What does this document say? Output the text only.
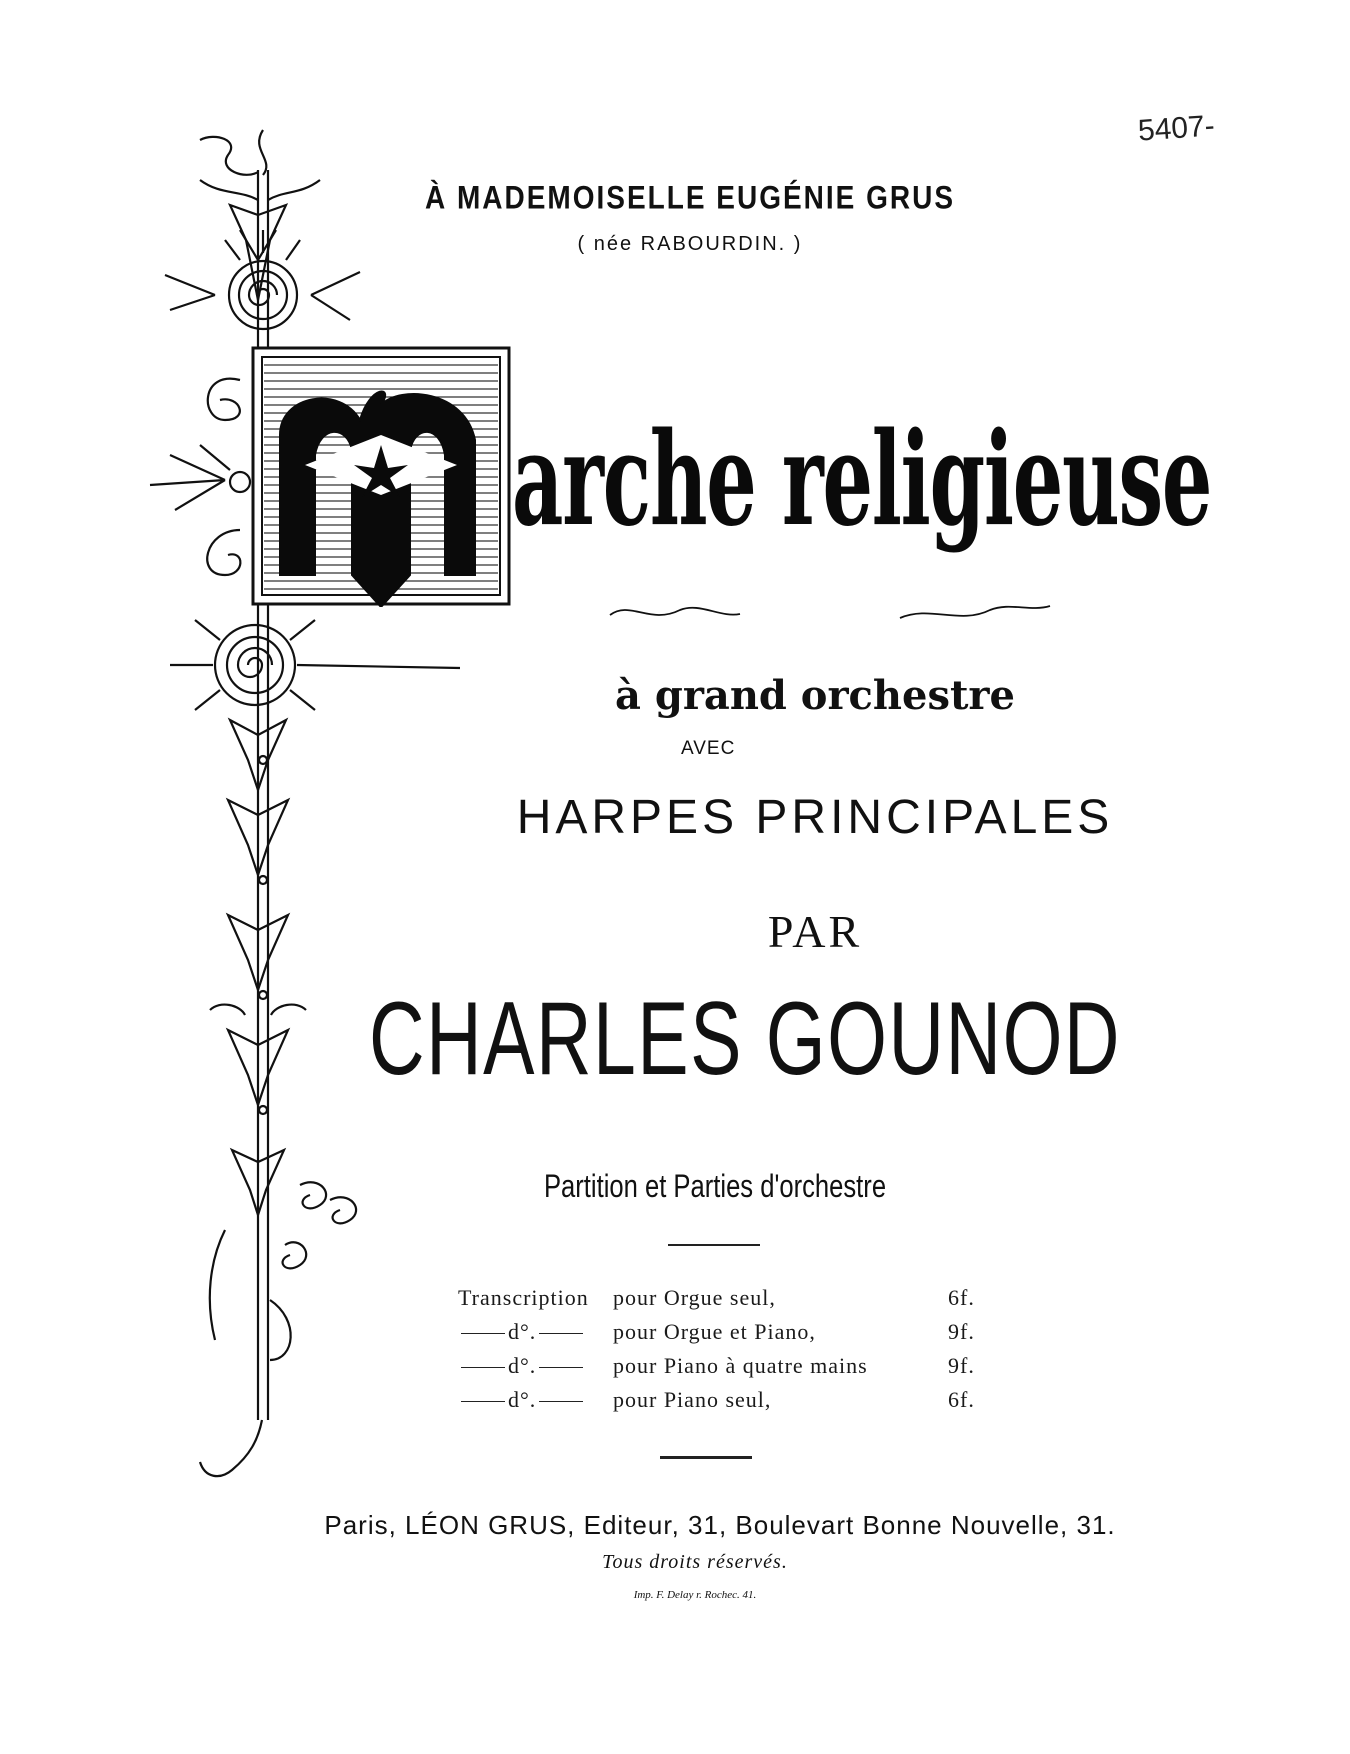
5407-
À MADEMOISELLE EUGÉNIE GRUS
( née RABOURDIN. )
arche religieuse
à grand orchestre
AVEC
HARPES PRINCIPALES
PAR
CHARLES GOUNOD
Partition et Parties d'orchestre
Transcription	pour Orgue seul,	6f.
d°.	pour Orgue et Piano,	9f.
d°.	pour Piano à quatre mains	9f.
d°.	pour Piano seul,	6f.
Paris, LÉON GRUS, Editeur, 31, Boulevart Bonne Nouvelle, 31.
Tous droits réservés.
Imp. F. Delay r. Rochec. 41.
